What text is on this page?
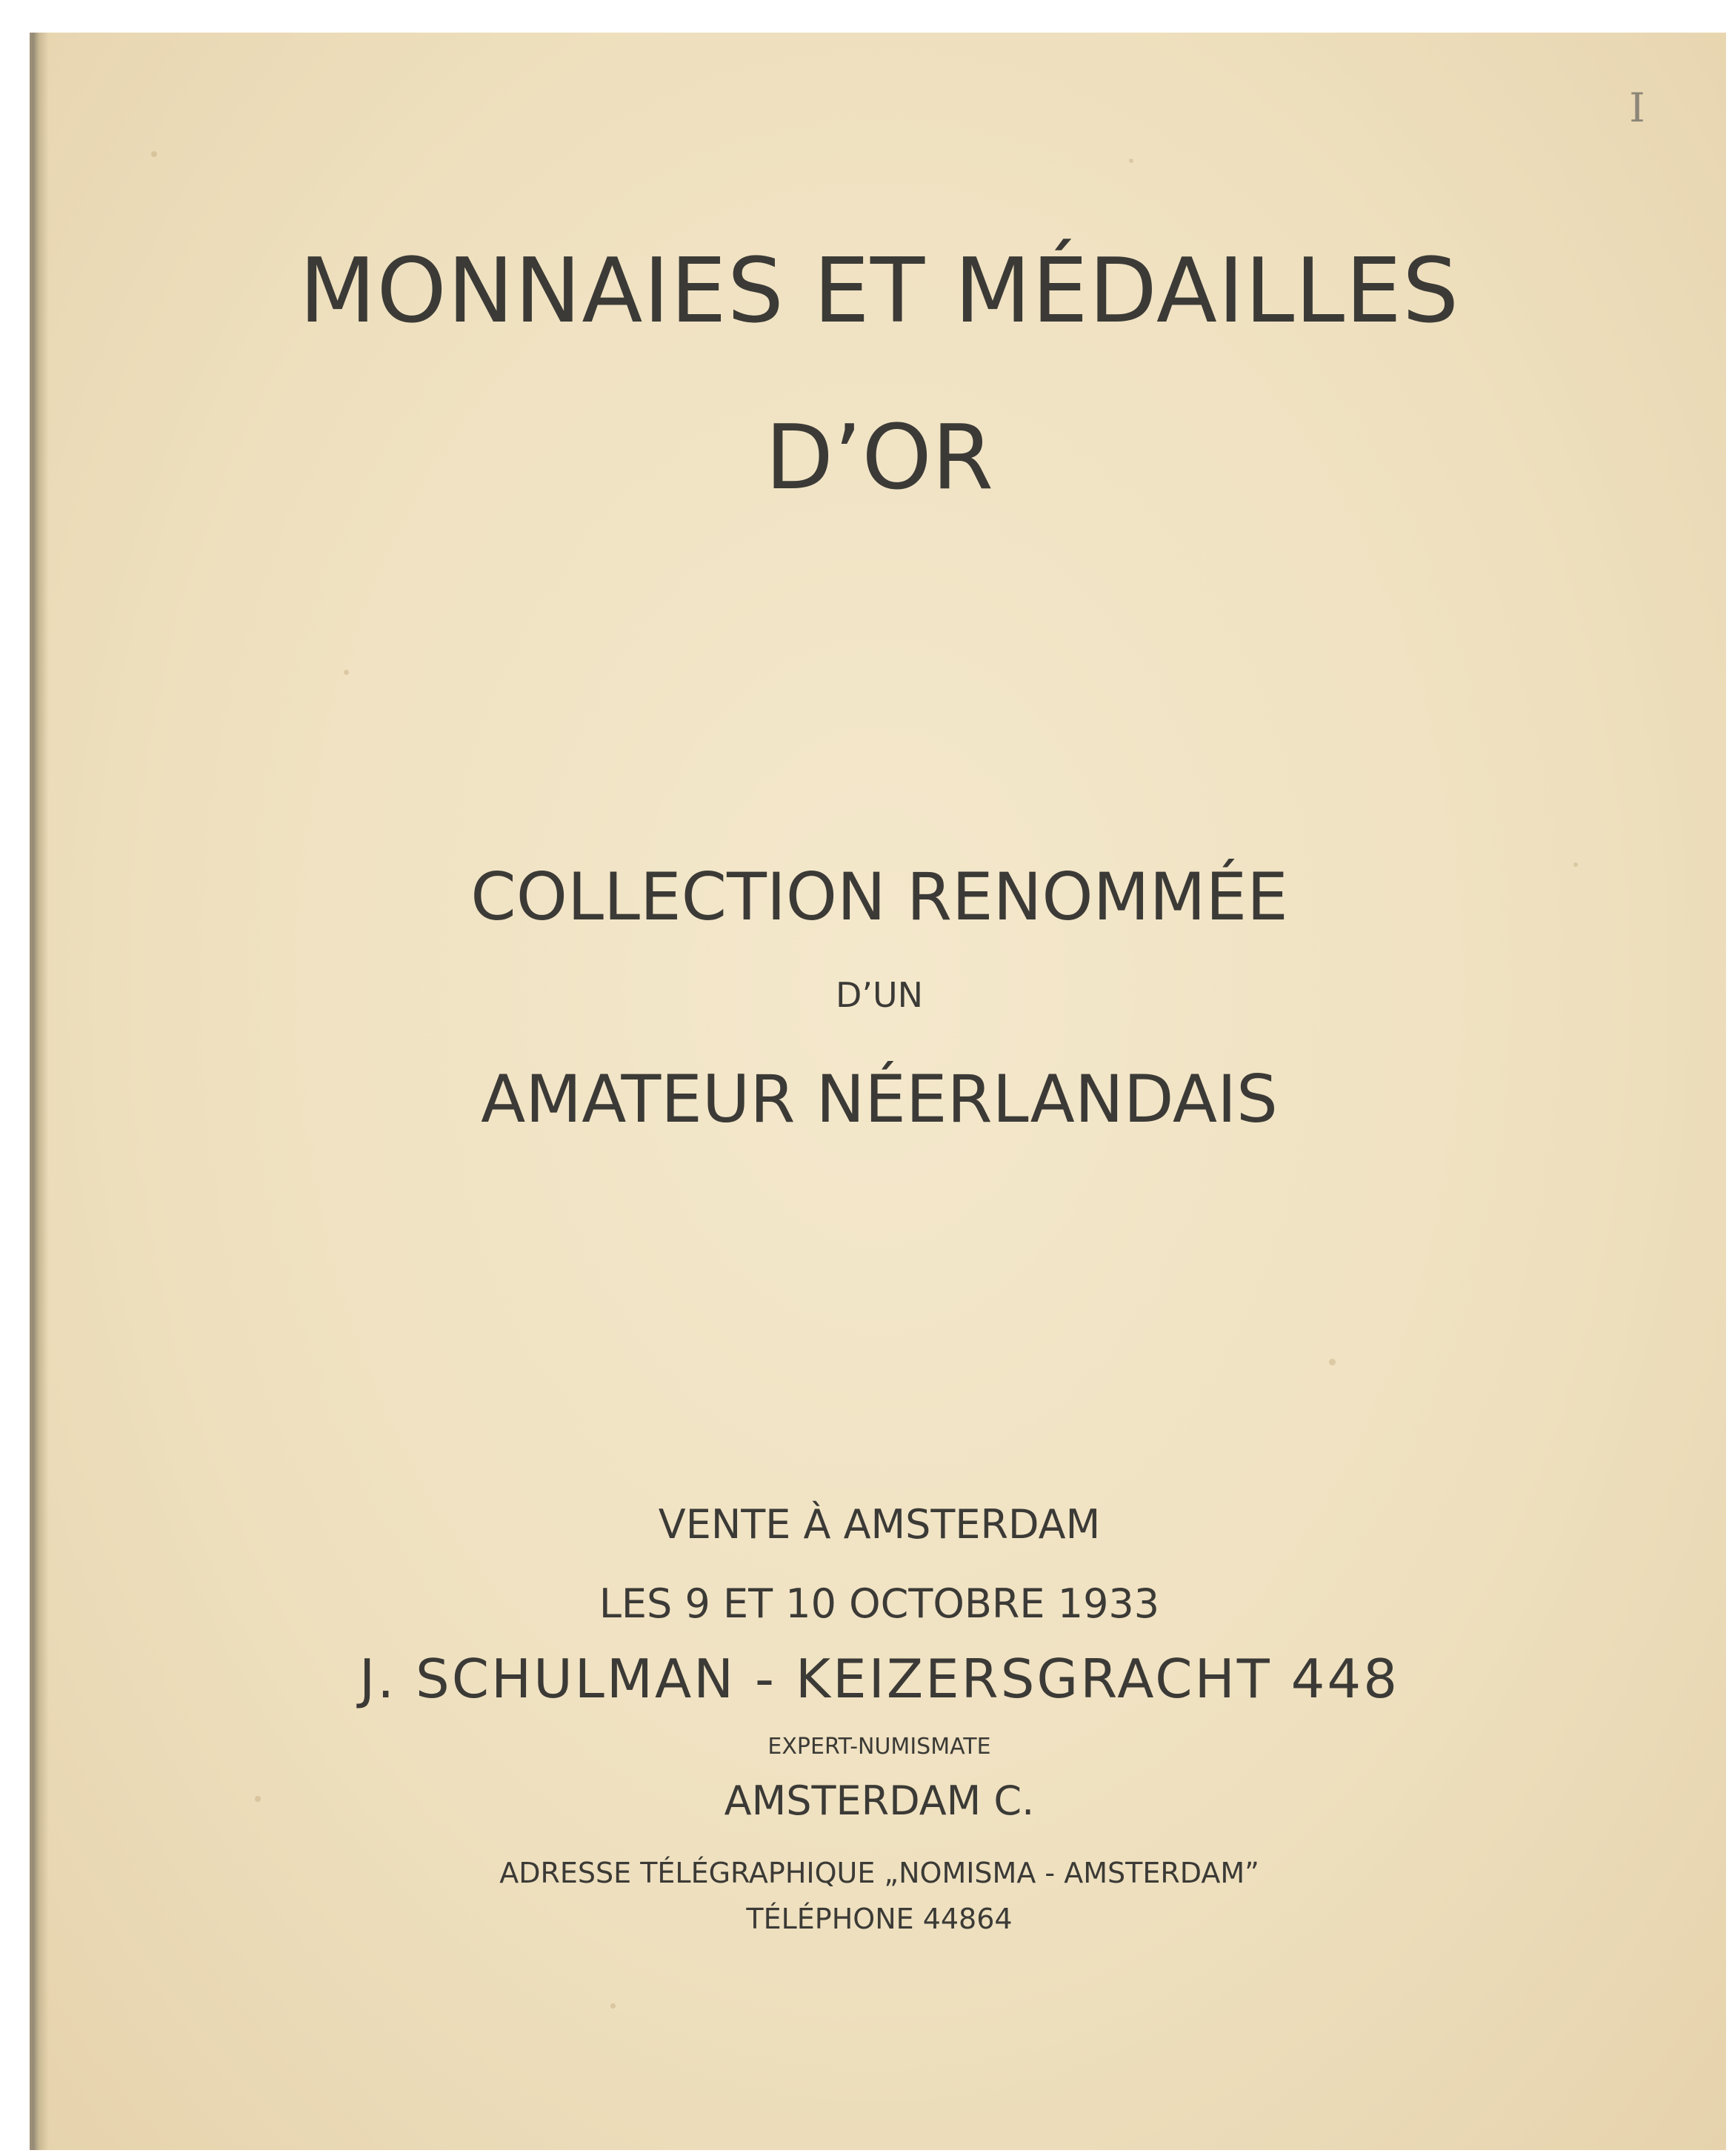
I
MONNAIES ET MÉDAILLES
D’OR
COLLECTION RENOMMÉE
D’UN
AMATEUR NÉERLANDAIS
VENTE À AMSTERDAM
LES 9 ET 10 OCTOBRE 1933
J. SCHULMAN - KEIZERSGRACHT 448
EXPERT-NUMISMATE
AMSTERDAM C.
ADRESSE TÉLÉGRAPHIQUE „NOMISMA - AMSTERDAM”
TÉLÉPHONE 44864
